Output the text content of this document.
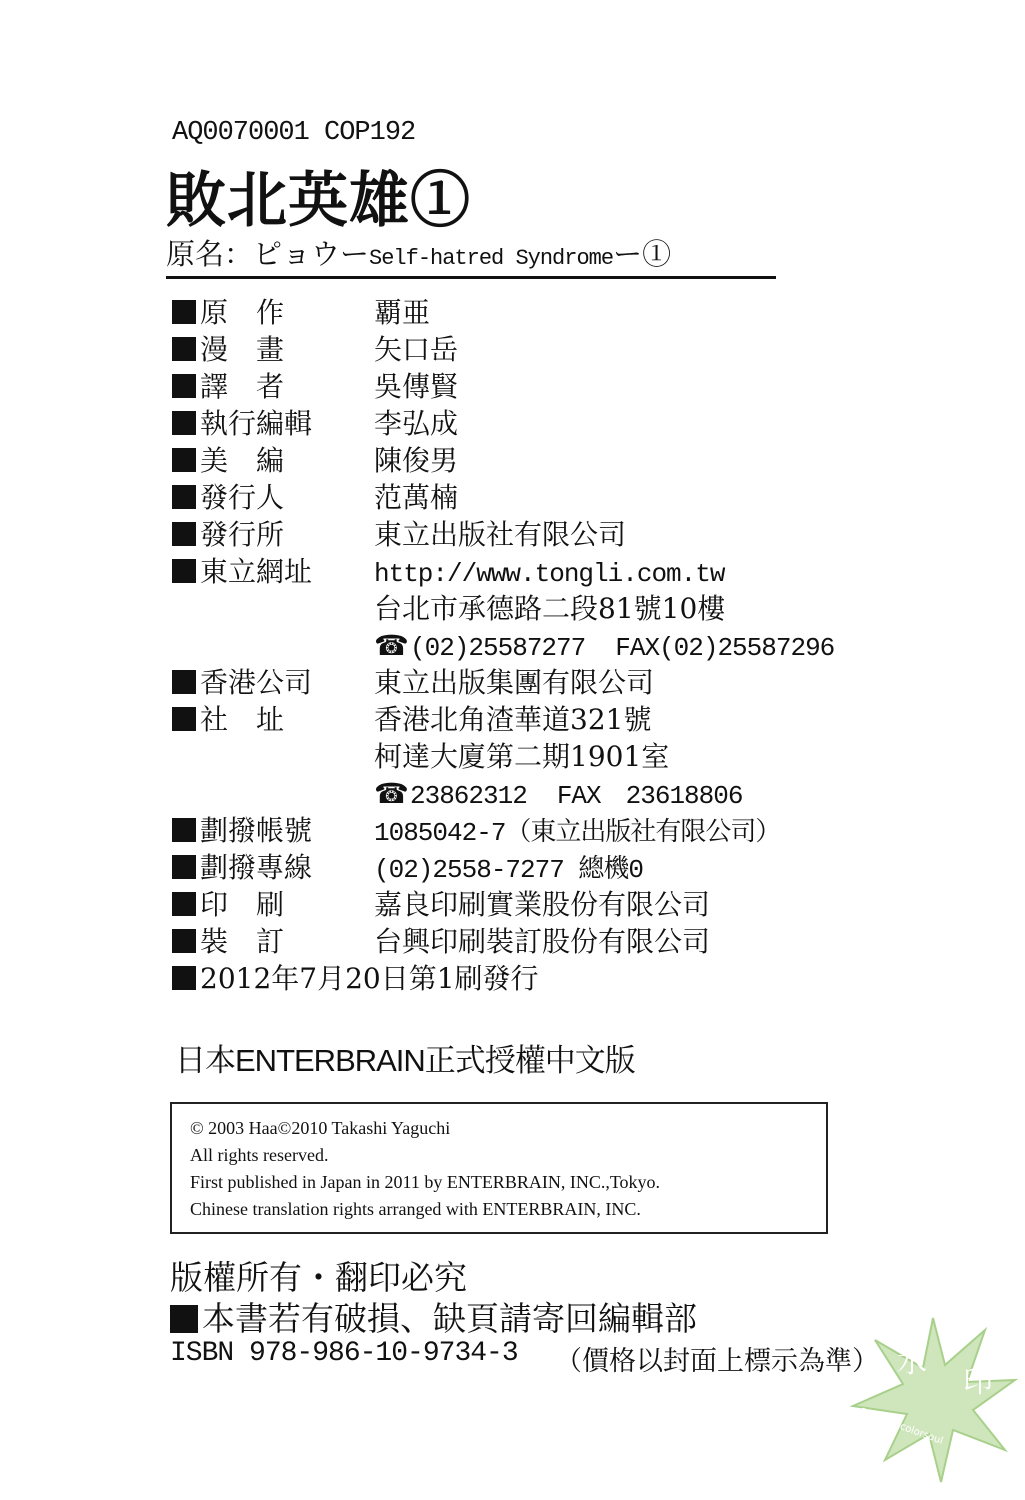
AQ0070001 COP192
敗北英雄①
原名：ピョウーSelf-hatred Syndromeー①
原　作	覇亜
漫　畫	矢口岳
譯　者	吳傳賢
執行編輯 李弘成
美　編	陳俊男
發行人	范萬楠
發行所	東立出版社有限公司
東立網址 http://www.tongli.com.tw
台北市承德路二段81號10樓
☎(02)25587277 FAX(02)25587296
香港公司 東立出版集團有限公司
社　址	香港北角渣華道321號
柯達大廈第二期1901室
☎23862312 FAX　23618806
劃撥帳號 1085042-7（東立出版社有限公司）
劃撥專線 (02)2558-7277 總機0
印　刷	嘉良印刷實業股份有限公司
裝　訂	台興印刷裝訂股份有限公司
2012年7月20日第1刷發行
日本ENTERBRAIN正式授權中文版
© 2003 Haa©2010 Takashi Yaguchi
All rights reserved.
First published in Japan in 2011 by ENTERBRAIN, INC.,Tokyo.
Chinese translation rights arranged with ENTERBRAIN, INC.
版權所有・翻印必究
本書若有破損、缺頁請寄回編輯部
ISBN 978-986-10-9734-3 （價格以封面上標示為準） 水
印
Scan by colorsoul
